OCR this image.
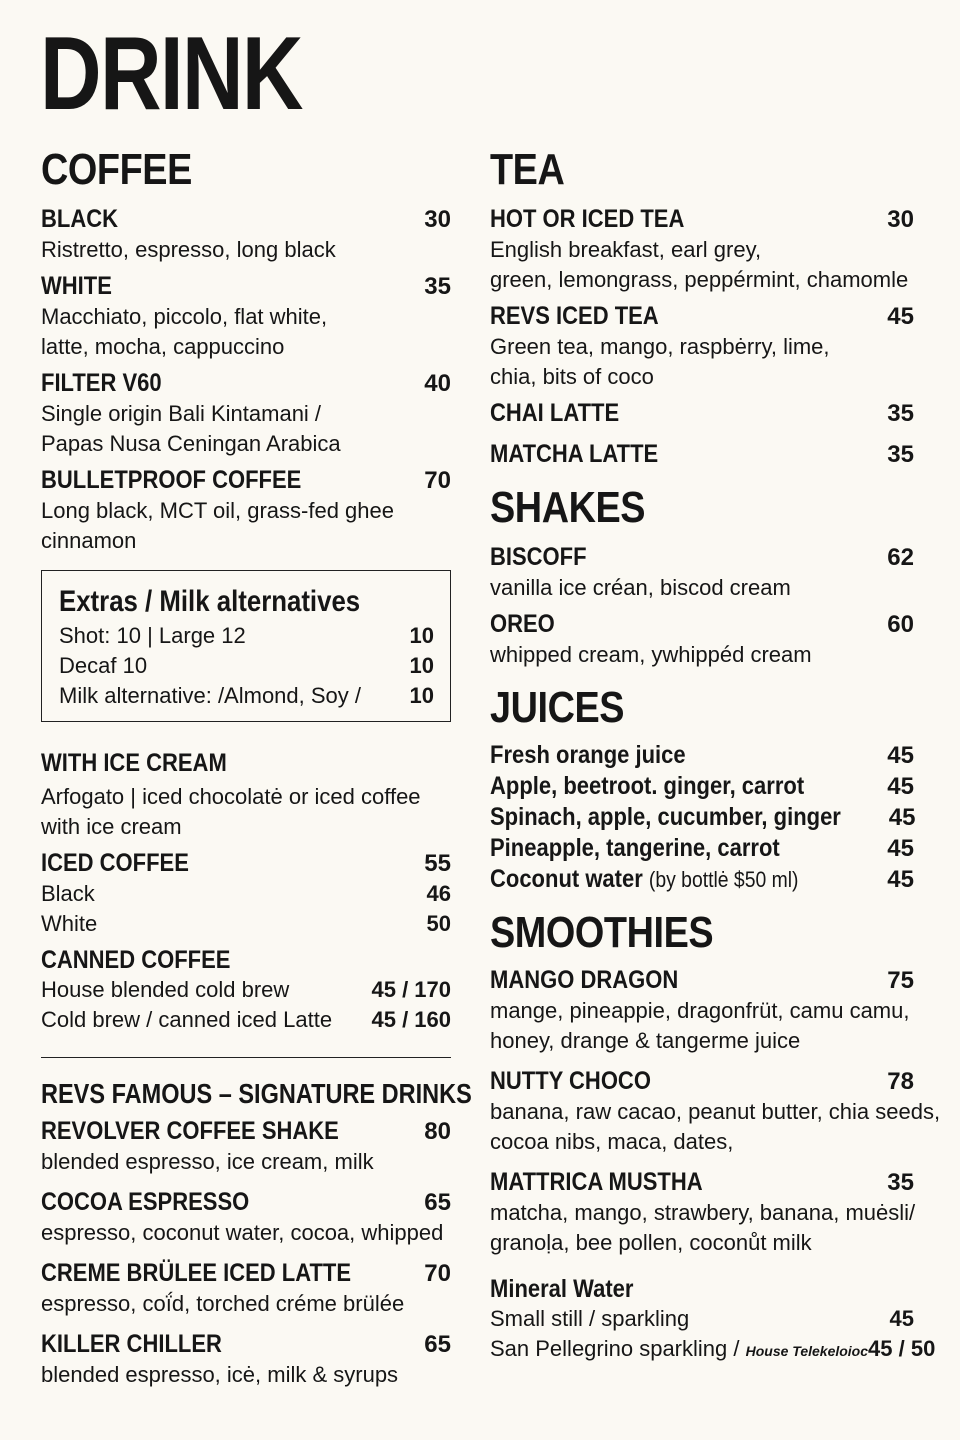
DRINK
COFFEE
BLACK	30
Ristretto, espresso, long black
WHITE	35
Macchiato, piccolo, flat white,
latte, mocha, cappuccino
FILTER V60	40
Single origin Bali Kintamani /
Papas Nusa Ceningan Arabica
BULLETPROOF COFFEE	70
Long black, MCT oil, grass-fed ghee
cinnamon
Extras / Milk alternatives
Shot: 10 | Large 12	10
Decaf 10	10
Milk alternative: /Almond, Soy / 10
WITH ICE CREAM
Arfogato | iced chocolatė or iced coffee
with ice cream
ICED COFFEE	55
Black	46
White	50
CANNED COFFEE
House blended cold brew	45 / 170
Cold brew / canned iced Latte 45 / 160
REVS FAMOUS – SIGNATURE DRINKS
REVOLVER COFFEE SHAKE	80
blended espresso, ice cream, milk
COCOA ESPRESSO	65
espresso, coconut water, cocoa, whipped
CREME BRÜLEE ICED LATTE	70
espresso, coḯd, torched créme brülée
KILLER CHILLER	65
blended espresso, icė, milk & syrups
TEA
HOT OR ICED TEA	30
English breakfast, earl grey,
green, lemongrass, peppérmint, chamomle
REVS ICED TEA	45
Green tea, mango, raspbėrry, lime,
chia, bits of coco
CHAI LATTE	35
MATCHA LATTE	35
SHAKES
BISCOFF	62
vanilla ice créan, biscod cream
OREO	60
whipped cream, ywhippéd cream
JUICES
Fresh orange juice	45
Apple, beetroot. ginger, carrot	45
Spinach, apple, cucumber, ginger 45
Pineapple, tangerine, carrot	45
Coconut water (by bottlė $50 ml)	45
SMOOTHIES
MANGO DRAGON	75
mange, pineappie, dragonfrüt, camu camu,
honey, drange & tangerme juice
NUTTY CHOCO	78
banana, raw cacao, peanut butter, chia seeds,
cocoa nibs, maca, dates,
MATTRICA MUSTHA	35
matcha, mango, strawbery, banana, muėsli/
granoḷa, bee pollen, coconůt milk
Mineral Water
Small still / sparkling	45
San Pellegrino sparkling / House Telekeloioc 45 / 50
